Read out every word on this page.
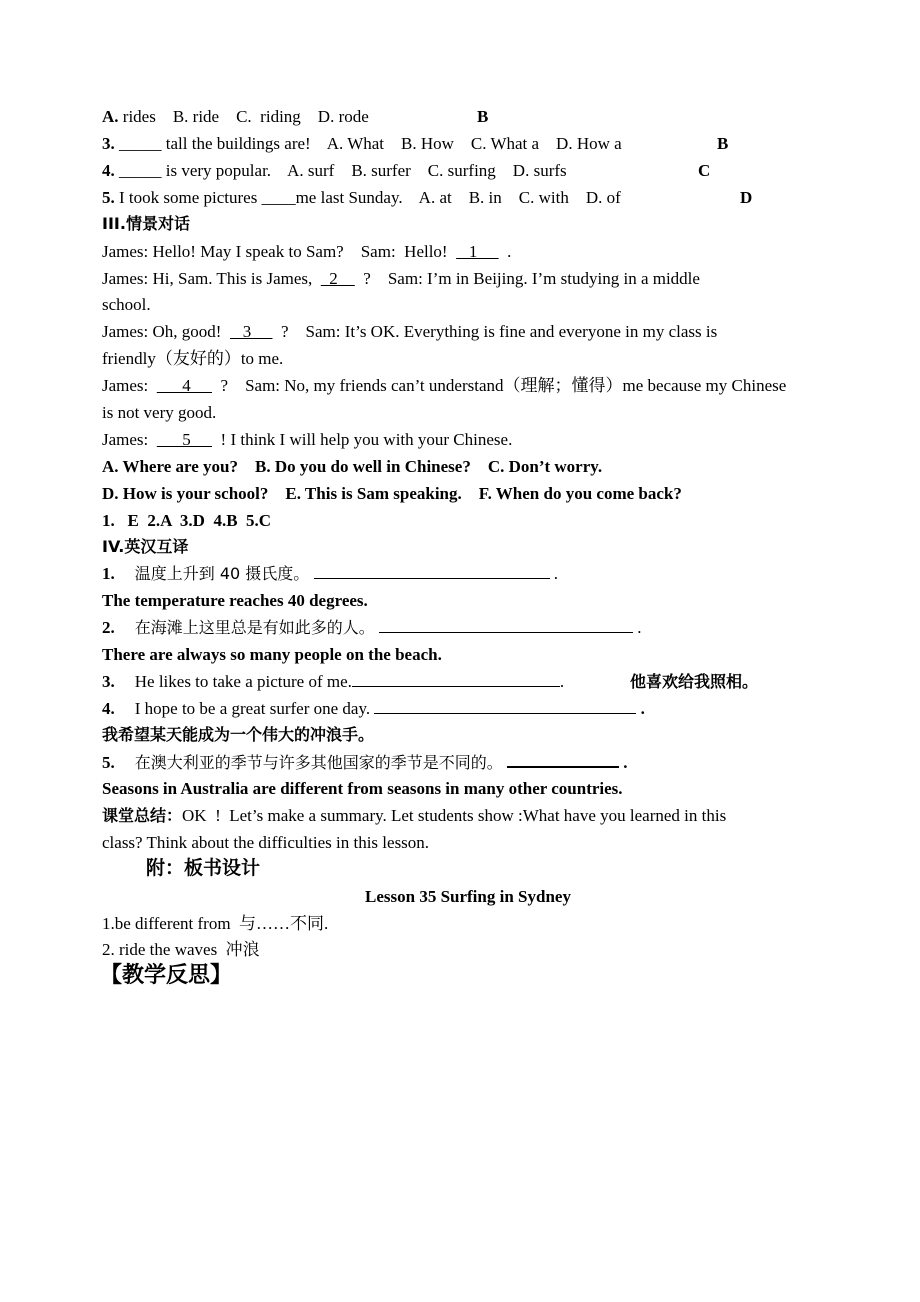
A. rides    B. ride    C.  riding    D. rode	B
3. _____ tall the buildings are!    A. What    B. How    C. What a    D. How a	B
4. _____ is very popular.    A. surf    B. surfer    C. surfing    D. surfs	C
5. I took some pictures ____me last Sunday.    A. at    B. in    C. with    D. of	D
III.情景对话
James: Hello! May I speak to Sam?    Sam:  Hello!     1       .
James: Hi, Sam. This is James,    2      ?    Sam: I’m in Beijing. I’m studying in a middle
school.
James: Oh, good!     3       ?    Sam: It’s OK. Everything is fine and everyone in my class is
friendly（友好的）to me.
James:        4       ?    Sam: No, my friends can’t understand（理解；懂得）me because my Chinese
is not very good.
James:        5       ! I think I will help you with your Chinese.
A. Where are you?    B. Do you do well in Chinese?    C. Don’t worry.
D. How is your school?    E. This is Sam speaking.    F. When do you come back?
1.   E  2.A  3.D  4.B  5.C
IV.英汉互译
1. 温度上升到 40 摄氏度。	.
The temperature reaches 40 degrees.
2. 在海滩上这里总是有如此多的人。	.
There are always so many people on the beach.
3. He likes to take a picture of me.	.	他喜欢给我照相。
4. I hope to be a great surfer one day.	.
我希望某天能成为一个伟大的冲浪手。
5. 在澳大利亚的季节与许多其他国家的季节是不同的。	.
Seasons in Australia are different from seasons in many other countries.
课堂总结：OK  !  Let’s make a summary. Let students show :What have you learned in this
class? Think about the difficulties in this lesson.
附：板书设计
Lesson 35 Surfing in Sydney
1.be different from  与……不同.
2. ride the waves  冲浪
【教学反思】
